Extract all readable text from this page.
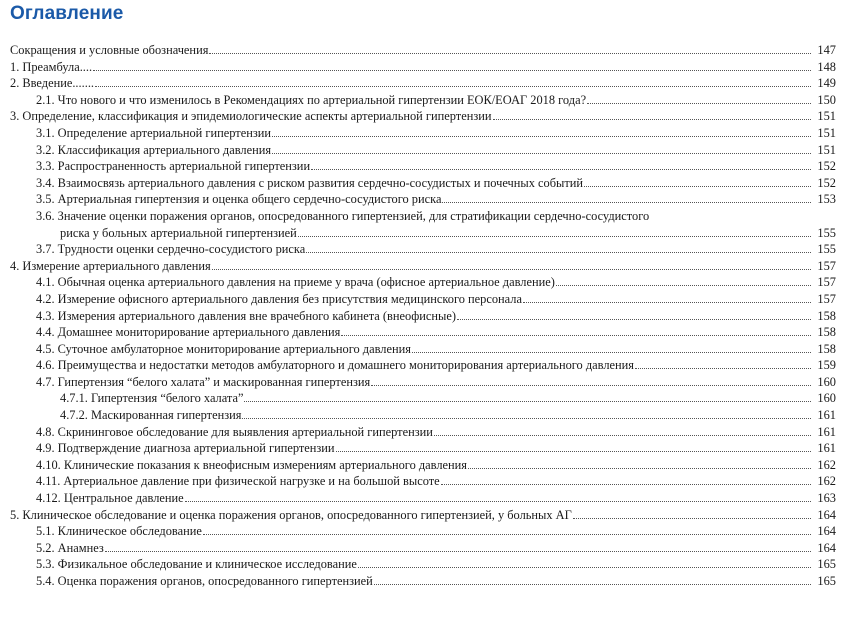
Оглавление
Сокращения и условные обозначения	147
1. Преамбула....	148
2. Введение.......	149
2.1. Что нового и что изменилось в Рекомендациях по артериальной гипертензии ЕОК/ЕОАГ 2018 года?	150
3. Определение, классификация и эпидемиологические аспекты артериальной гипертензии	151
3.1. Определение артериальной гипертензии	151
3.2. Классификация артериального давления	151
3.3. Распространенность артериальной гипертензии	152
3.4. Взаимосвязь артериального давления с риском развития сердечно-сосудистых и почечных событий	152
3.5. Артериальная гипертензия и оценка общего сердечно-сосудистого риска	153
3.6. Значение оценки поражения органов, опосредованного гипертензией, для стратификации сердечно-сосудистого
риска у больных артериальной гипертензией	155
3.7. Трудности оценки сердечно-сосудистого риска	155
4. Измерение артериального давления	157
4.1. Обычная оценка артериального давления на приеме у врача (офисное артериальное давление)	157
4.2. Измерение офисного артериального давления без присутствия медицинского персонала	157
4.3. Измерения артериального давления вне врачебного кабинета (внеофисные)	158
4.4. Домашнее мониторирование артериального давления	158
4.5. Суточное амбулаторное мониторирование артериального давления	158
4.6. Преимущества и недостатки методов амбулаторного и домашнего мониторирования артериального давления	159
4.7. Гипертензия “белого халата” и маскированная гипертензия	160
4.7.1. Гипертензия “белого халата”	160
4.7.2. Маскированная гипертензия	161
4.8. Скрининговое обследование для выявления артериальной гипертензии	161
4.9. Подтверждение диагноза артериальной гипертензии	161
4.10. Клинические показания к внеофисным измерениям артериального давления	162
4.11. Артериальное давление при физической нагрузке и на большой высоте	162
4.12. Центральное давление	163
5. Клиническое обследование и оценка поражения органов, опосредованного гипертензией, у больных АГ	164
5.1. Клиническое обследование	164
5.2. Анамнез	164
5.3. Физикальное обследование и клиническое исследование	165
5.4. Оценка поражения органов, опосредованного гипертензией	165
